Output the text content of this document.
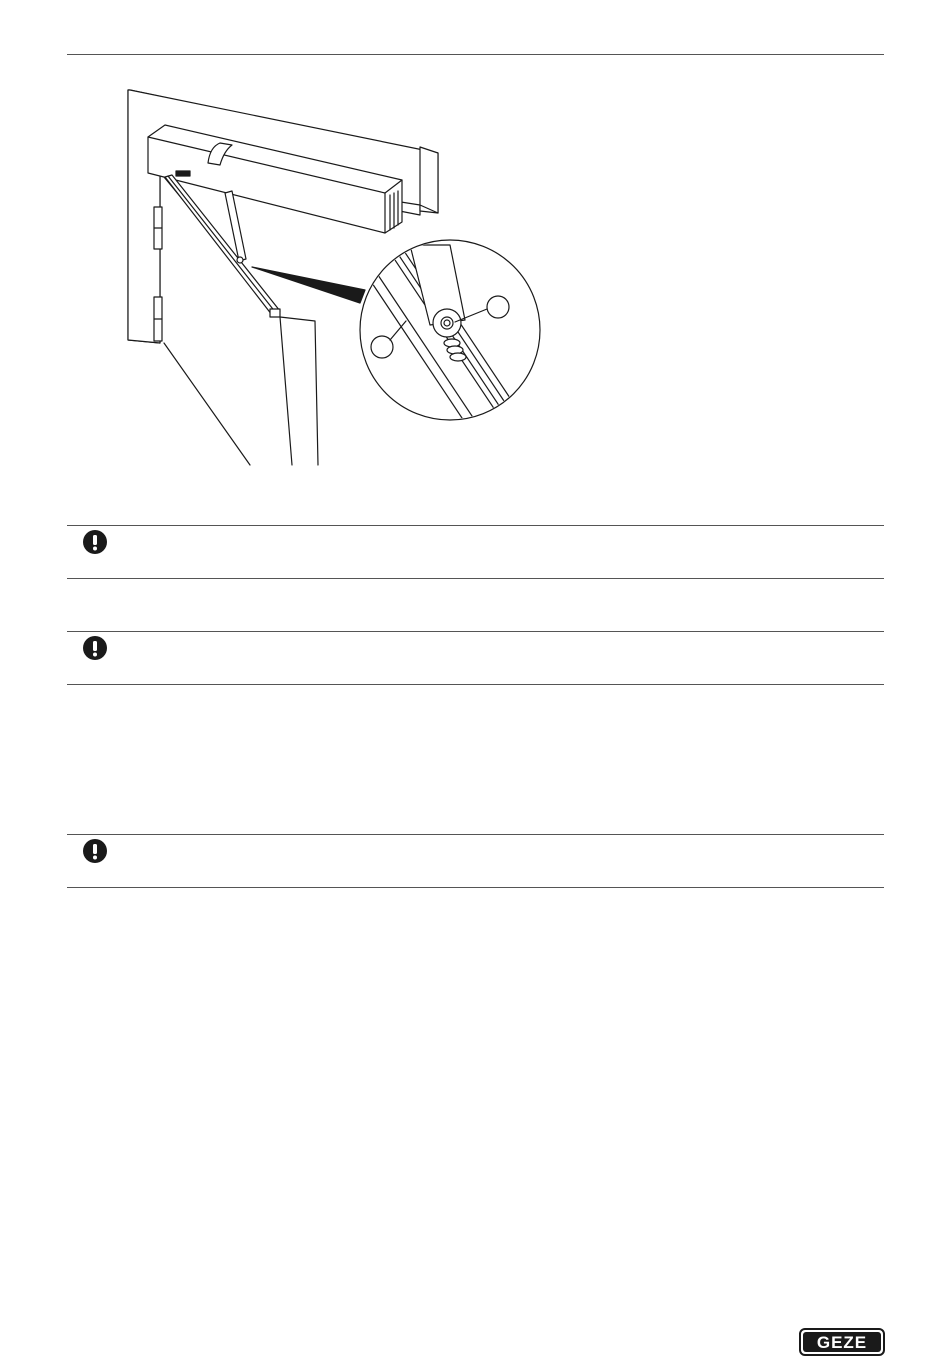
GEZE
